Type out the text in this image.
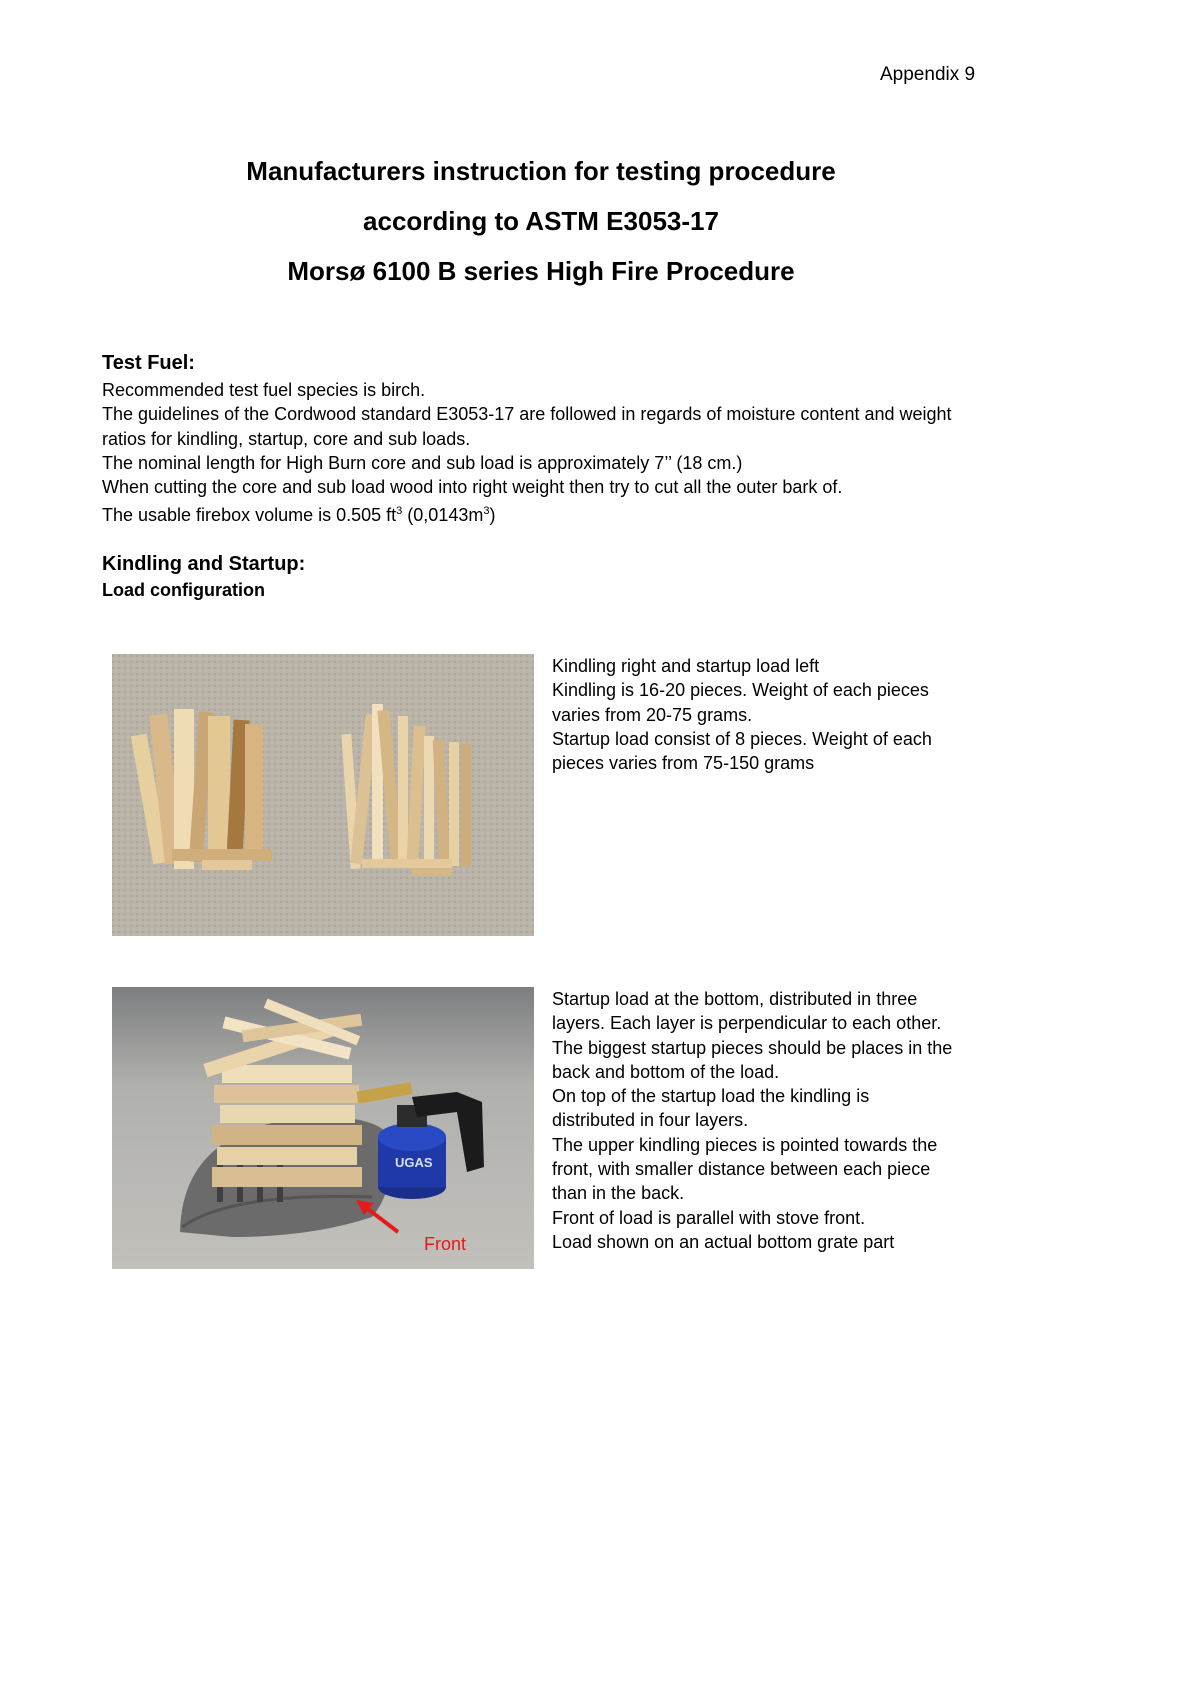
Appendix 9
Manufacturers instruction for testing procedure
according to ASTM E3053-17
Morsø 6100 B series High Fire Procedure
Test Fuel:
Recommended test fuel species is birch.
The guidelines of the Cordwood standard E3053-17 are followed in regards of moisture content and weight
ratios for kindling, startup, core and sub loads.
The nominal length for High Burn core and sub load is approximately 7’’ (18 cm.)
When cutting the core and sub load wood into right weight then try to cut all the outer bark of.
The usable firebox volume is 0.505 $ft^3$ $(0,0143m^3)$
Kindling and Startup:
Load configuration
Kindling right and startup load left
Kindling is 16-20 pieces. Weight of each pieces
varies from 20-75 grams.
Startup load consist of 8 pieces. Weight of each
pieces varies from 75-150 grams
UGAS
Front
Startup load at the bottom, distributed in three
layers. Each layer is perpendicular to each other.
The biggest startup pieces should be places in the
back and bottom of the load.
On top of the startup load the kindling is
distributed in four layers.
The upper kindling pieces is pointed towards the
front, with smaller distance between each piece
than in the back.
Front of load is parallel with stove front.
Load shown on an actual bottom grate part
